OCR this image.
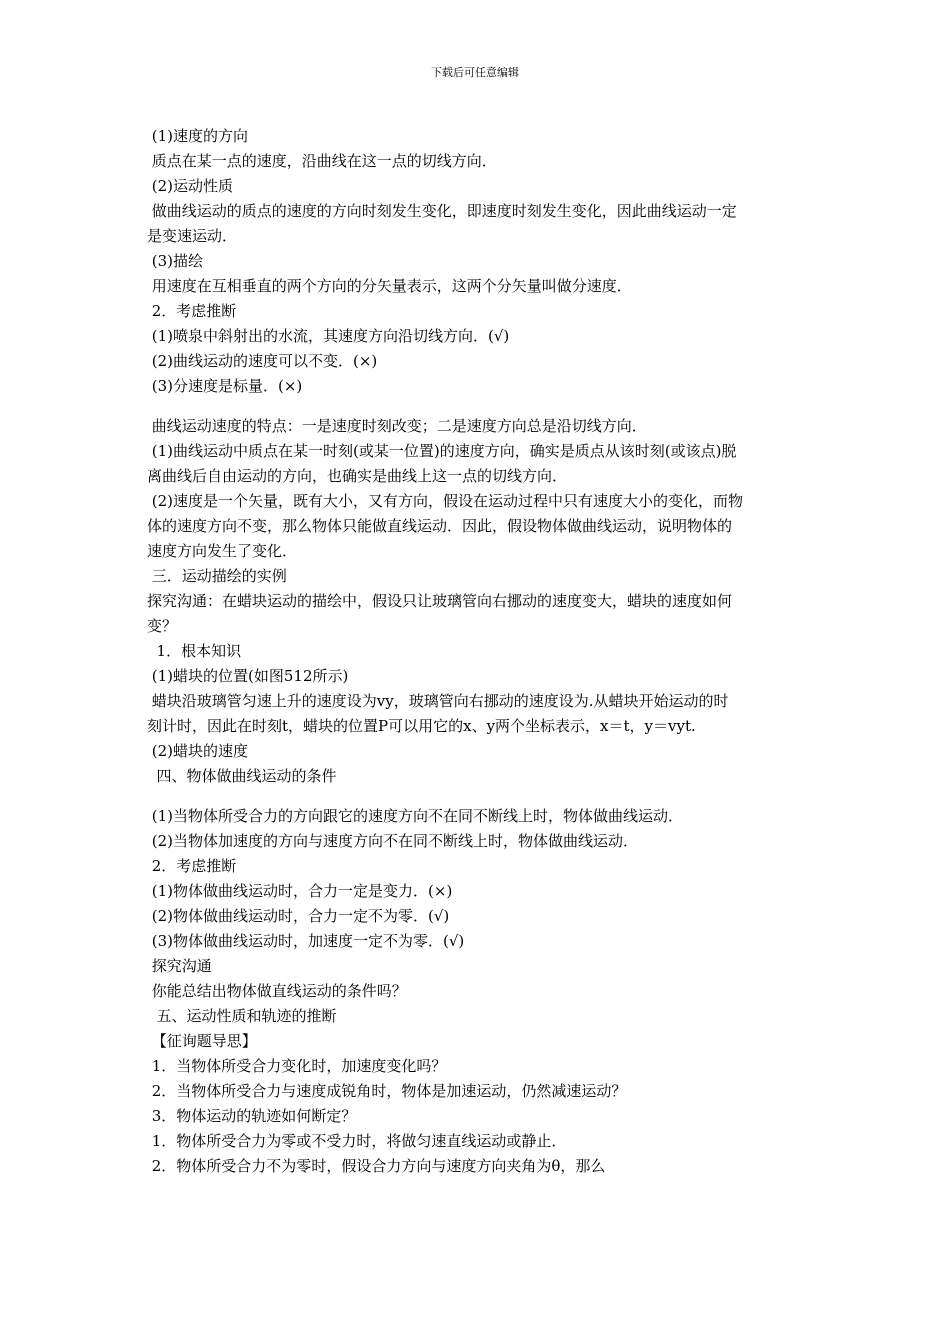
下载后可任意编辑
(1)速度的方向
质点在某一点的速度，沿曲线在这一点的切线方向．
(2)运动性质
做曲线运动的质点的速度的方向时刻发生变化，即速度时刻发生变化，因此曲线运动一定
是变速运动．
(3)描绘
用速度在互相垂直的两个方向的分矢量表示，这两个分矢量叫做分速度．
2．考虑推断
(1)喷泉中斜射出的水流，其速度方向沿切线方向．(√)
(2)曲线运动的速度可以不变．(×)
(3)分速度是标量．(×)
曲线运动速度的特点：一是速度时刻改变；二是速度方向总是沿切线方向．
(1)曲线运动中质点在某一时刻(或某一位置)的速度方向，确实是质点从该时刻(或该点)脱
离曲线后自由运动的方向，也确实是曲线上这一点的切线方向．
(2)速度是一个矢量，既有大小，又有方向，假设在运动过程中只有速度大小的变化，而物
体的速度方向不变，那么物体只能做直线运动．因此，假设物体做曲线运动，说明物体的
速度方向发生了变化．
三．运动描绘的实例
探究沟通：在蜡块运动的描绘中，假设只让玻璃管向右挪动的速度变大，蜡块的速度如何
变？
1．根本知识
(1)蜡块的位置(如图512所示)
蜡块沿玻璃管匀速上升的速度设为vy，玻璃管向右挪动的速度设为.从蜡块开始运动的时
刻计时，因此在时刻t，蜡块的位置P可以用它的x、y两个坐标表示，x＝t，y＝vyt.
(2)蜡块的速度
四、物体做曲线运动的条件
(1)当物体所受合力的方向跟它的速度方向不在同不断线上时，物体做曲线运动．
(2)当物体加速度的方向与速度方向不在同不断线上时，物体做曲线运动．
2．考虑推断
(1)物体做曲线运动时，合力一定是变力．(×)
(2)物体做曲线运动时，合力一定不为零．(√)
(3)物体做曲线运动时，加速度一定不为零．(√)
探究沟通
你能总结出物体做直线运动的条件吗？
五、运动性质和轨迹的推断
【征询题导思】
1．当物体所受合力变化时，加速度变化吗？
2．当物体所受合力与速度成锐角时，物体是加速运动，仍然减速运动？
3．物体运动的轨迹如何断定？
1．物体所受合力为零或不受力时，将做匀速直线运动或静止．
2．物体所受合力不为零时，假设合力方向与速度方向夹角为θ，那么
